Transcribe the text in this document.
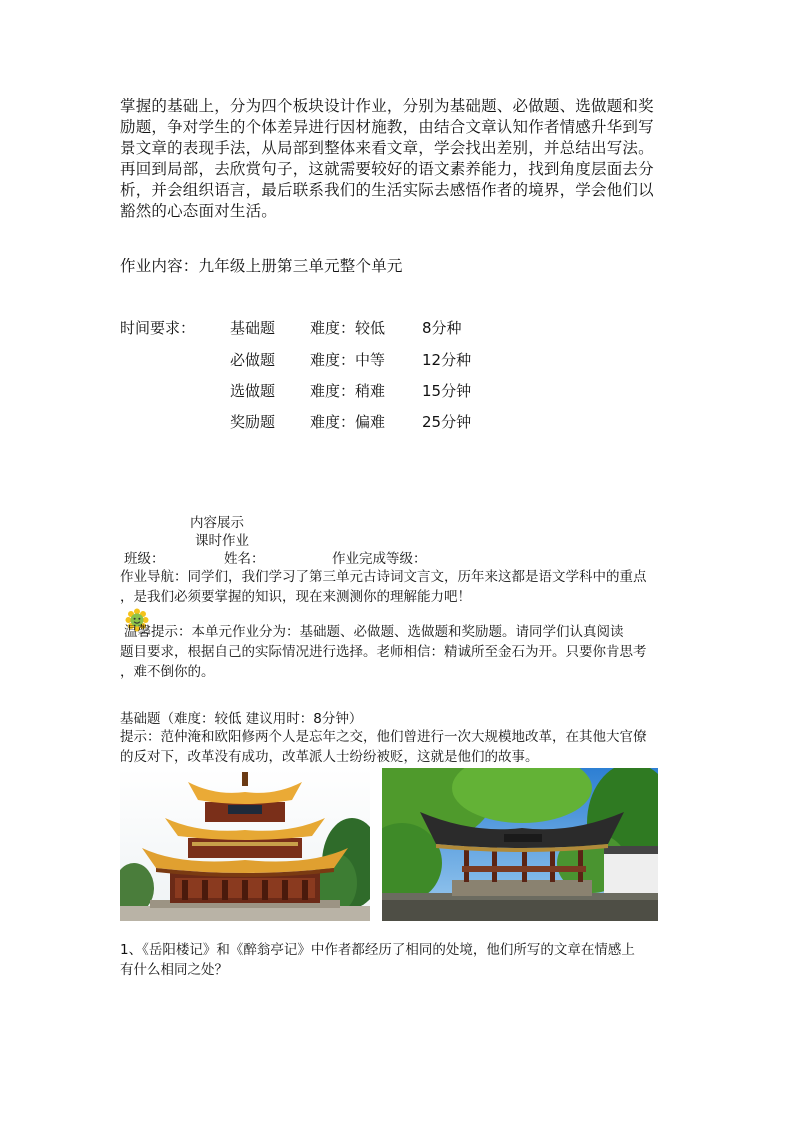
掌握的基础上，分为四个板块设计作业，分别为基础题、必做题、选做题和奖
励题，争对学生的个体差异进行因材施教，由结合文章认知作者情感升华到写
景文章的表现手法，从局部到整体来看文章，学会找出差别，并总结出写法。
再回到局部，去欣赏句子，这就需要较好的语文素养能力，找到角度层面去分
析，并会组织语言，最后联系我们的生活实际去感悟作者的境界，学会他们以
豁然的心态面对生活。
作业内容：九年级上册第三单元整个单元
时间要求： 基础题 难度：较低 8分种
必做题 难度：中等 12分种
选做题 难度：稍难 15分钟
奖励题 难度：偏难 25分钟
内容展示
课时作业
班级：	姓名：	作业完成等级：
作业导航：同学们，我们学习了第三单元古诗词文言文，历年来这都是语文学科中的重点
，是我们必须要掌握的知识，现在来测测你的理解能力吧！
温馨提示：本单元作业分为：基础题、必做题、选做题和奖励题。请同学们认真阅读
题目要求，根据自己的实际情况进行选择。老师相信：精诚所至金石为开。只要你肯思考
，难不倒你的。
基础题（难度：较低 建议用时：8分钟）
提示：范仲淹和欧阳修两个人是忘年之交，他们曾进行一次大规模地改革，在其他大官僚
的反对下，改革没有成功，改革派人士纷纷被贬，这就是他们的故事。
1、《岳阳楼记》和《醉翁亭记》中作者都经历了相同的处境，他们所写的文章在情感上
有什么相同之处？
